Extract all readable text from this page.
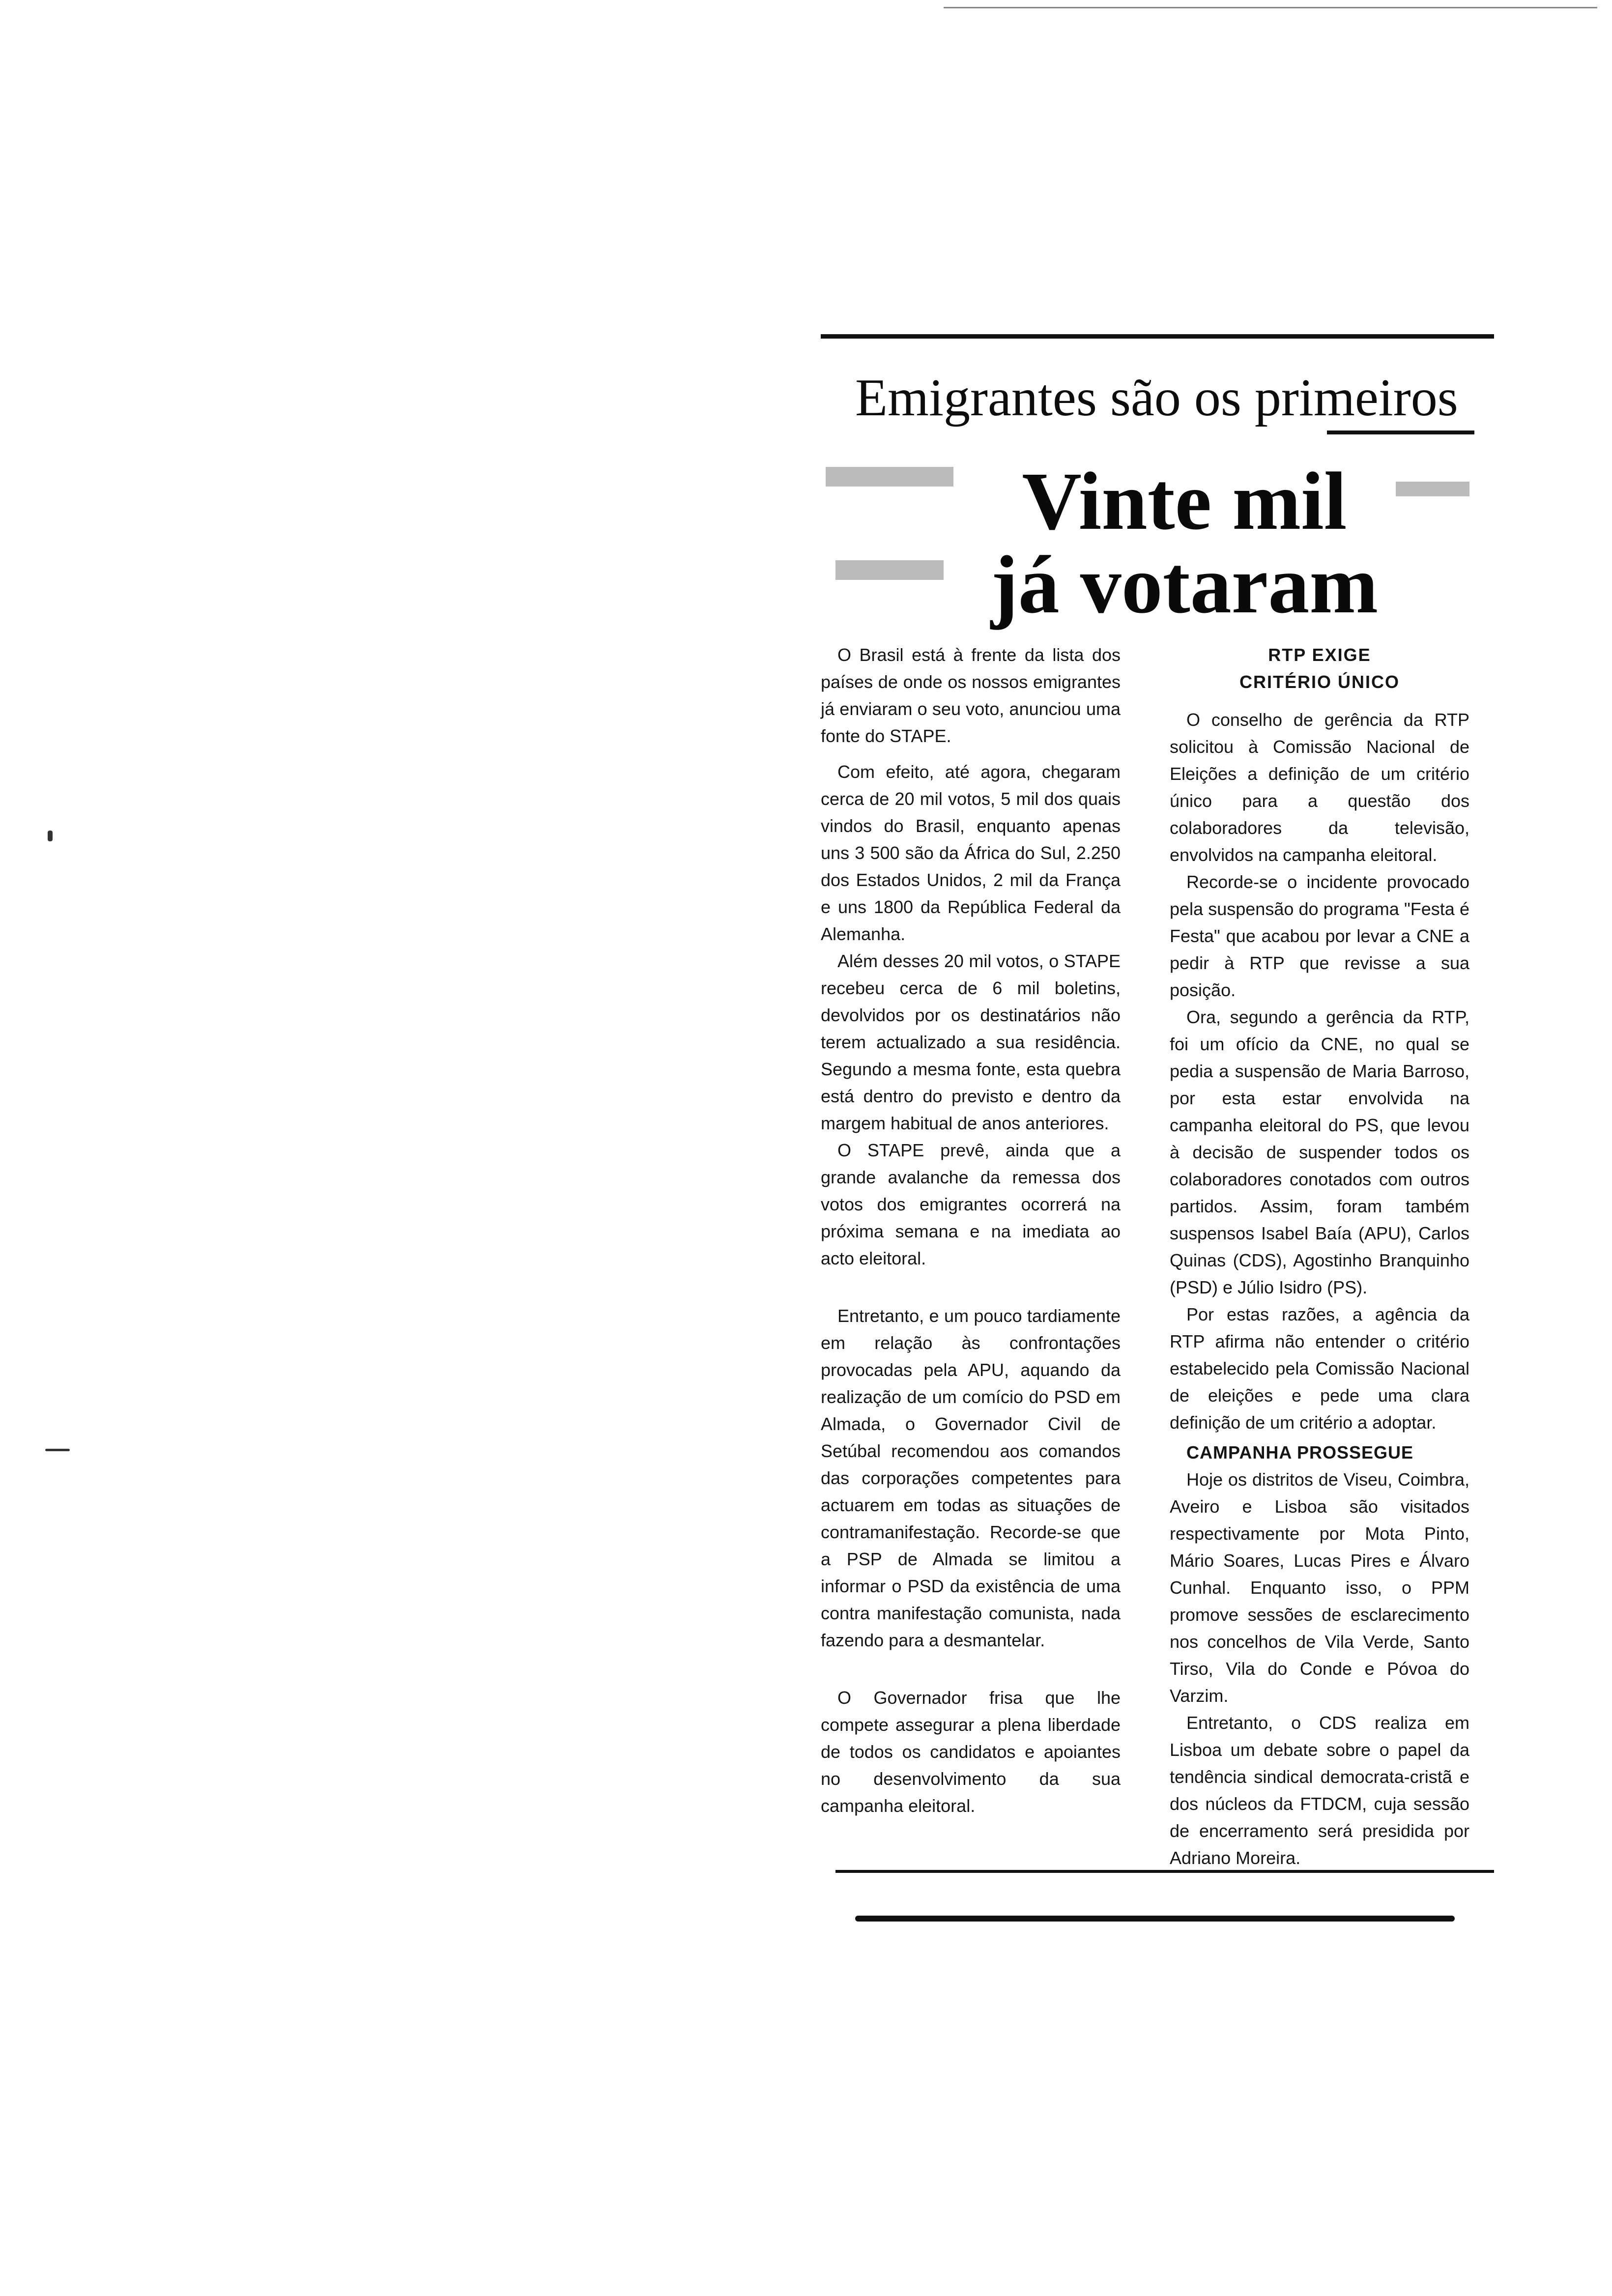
Emigrantes são os primeiros
Vinte mil
já votaram

O Brasil está à frente da lista dos países de onde os nossos emigrantes já enviaram o seu voto, anunciou uma fonte do STAPE.

Com efeito, até agora, chegaram cerca de 20 mil votos, 5 mil dos quais vindos do Brasil, enquanto apenas uns 3 500 são da África do Sul, 2.250 dos Estados Unidos, 2 mil da França e uns 1800 da República Federal da Alemanha.

Além desses 20 mil votos, o STAPE recebeu cerca de 6 mil boletins, devolvidos por os destinatários não terem actualizado a sua residência. Segundo a mesma fonte, esta quebra está dentro do previsto e dentro da margem habitual de anos anteriores.

O STAPE prevê, ainda que a grande avalanche da remessa dos votos dos emigrantes ocorrerá na próxima semana e na imediata ao acto eleitoral.

Entretanto, e um pouco tardiamente em relação às confrontações provocadas pela APU, aquando da realização de um comício do PSD em Almada, o Governador Civil de Setúbal recomendou aos comandos das corporações competentes para actuarem em todas as situações de contramanifestação. Recorde-se que a PSP de Almada se limitou a informar o PSD da existência de uma contra manifestação comunista, nada fazendo para a desmantelar.

O Governador frisa que lhe compete assegurar a plena liberdade de todos os candidatos e apoiantes no desenvolvimento da sua campanha eleitoral.

RTP EXIGE

CRITÉRIO ÚNICO

O conselho de gerência da RTP solicitou à Comissão Nacional de Eleições a definição de um critério único para a questão dos colaboradores da televisão, envolvidos na campanha eleitoral.

Recorde-se o incidente provocado pela suspensão do programa "Festa é Festa" que acabou por levar a CNE a pedir à RTP que revisse a sua posição.

Ora, segundo a gerência da RTP, foi um ofício da CNE, no qual se pedia a suspensão de Maria Barroso, por esta estar envolvida na campanha eleitoral do PS, que levou à decisão de suspender todos os colaboradores conotados com outros partidos. Assim, foram também suspensos Isabel Baía (APU), Carlos Quinas (CDS), Agostinho Branquinho (PSD) e Júlio Isidro (PS).

Por estas razões, a agência da RTP afirma não entender o critério estabelecido pela Comissão Nacional de eleições e pede uma clara definição de um critério a adoptar.

CAMPANHA PROSSEGUE

Hoje os distritos de Viseu, Coimbra, Aveiro e Lisboa são visitados respectivamente por Mota Pinto, Mário Soares, Lucas Pires e Álvaro Cunhal. Enquanto isso, o PPM promove sessões de esclarecimento nos concelhos de Vila Verde, Santo Tirso, Vila do Conde e Póvoa do Varzim.

Entretanto, o CDS realiza em Lisboa um debate sobre o papel da tendência sindical democrata-cristã e dos núcleos da FTDCM, cuja sessão de encerramento será presidida por Adriano Moreira.
